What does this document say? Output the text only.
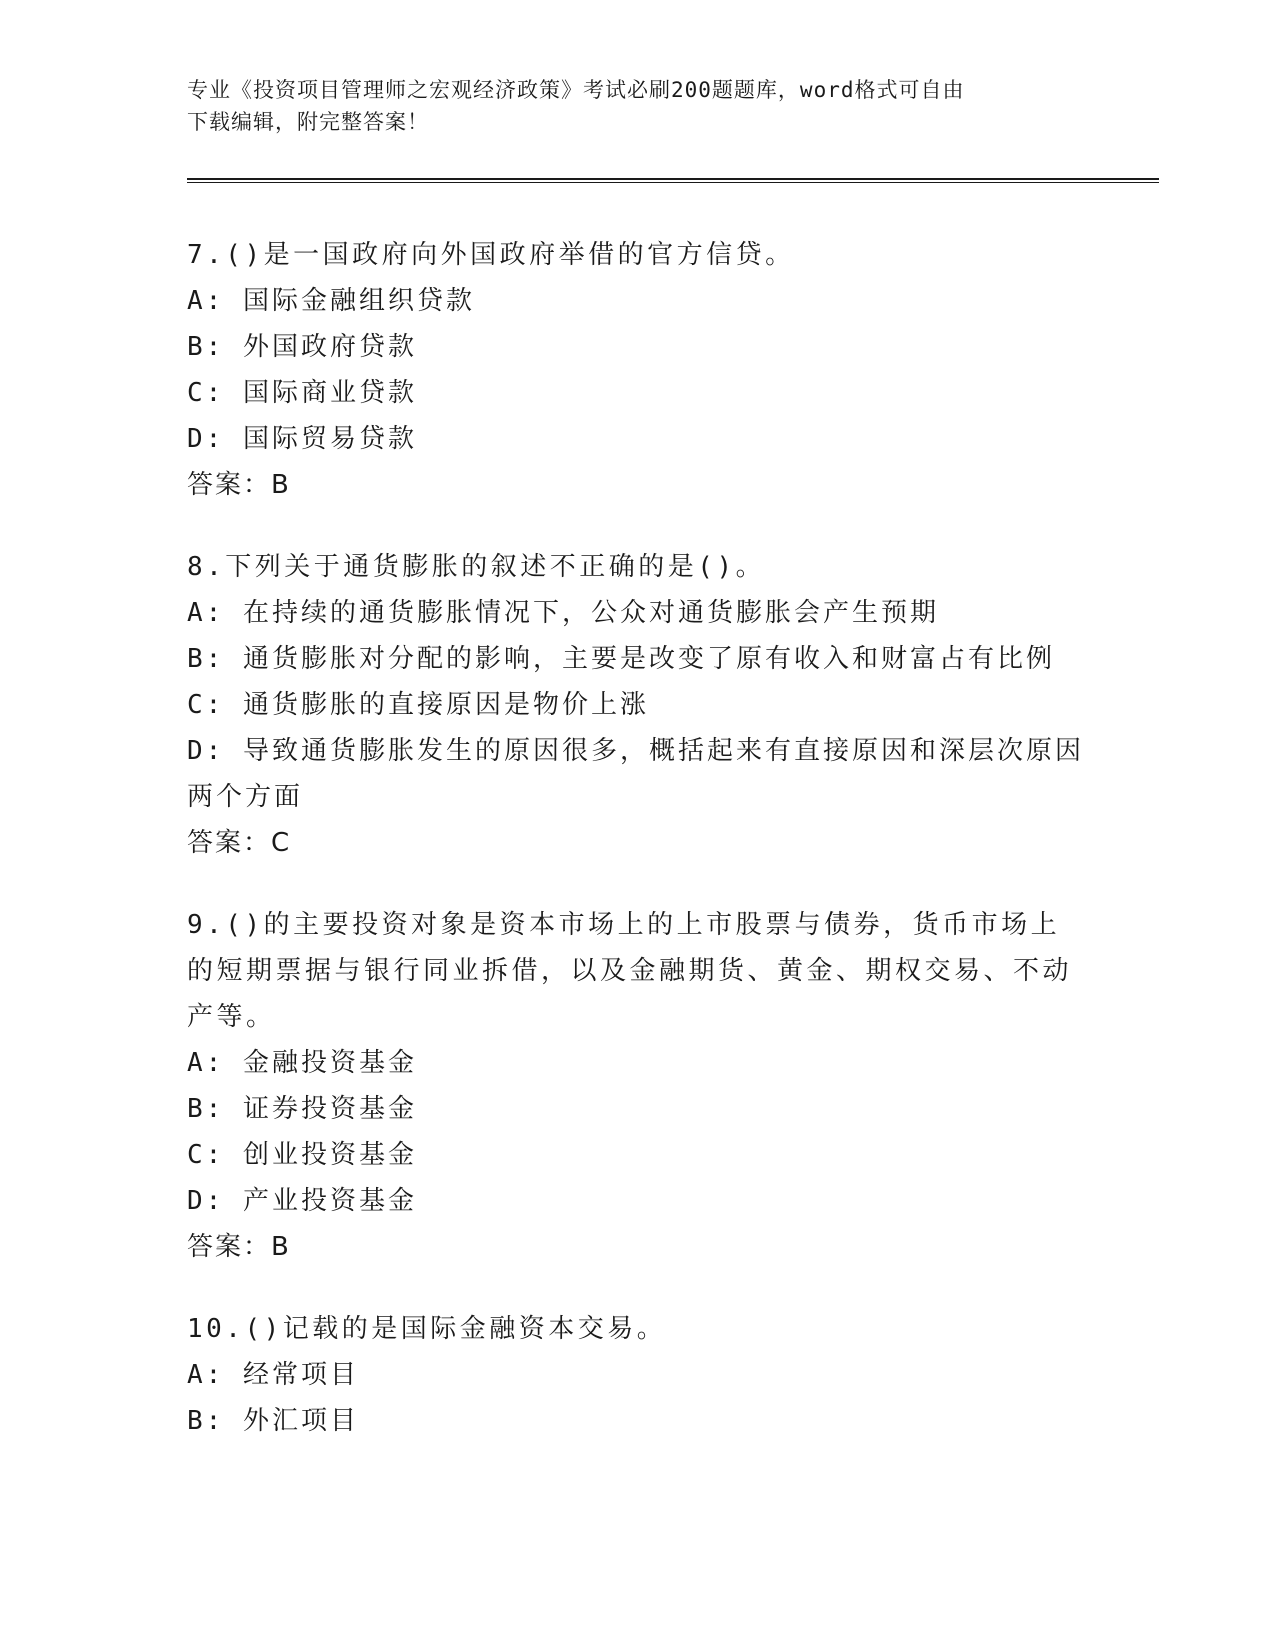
专业《投资项目管理师之宏观经济政策》考试必刷200题题库，word格式可自由
下载编辑，附完整答案！
7.()是一国政府向外国政府举借的官方信贷。
A: 国际金融组织贷款
B: 外国政府贷款
C: 国际商业贷款
D: 国际贸易贷款
答案：B
8.下列关于通货膨胀的叙述不正确的是()。
A: 在持续的通货膨胀情况下，公众对通货膨胀会产生预期
B: 通货膨胀对分配的影响，主要是改变了原有收入和财富占有比例
C: 通货膨胀的直接原因是物价上涨
D: 导致通货膨胀发生的原因很多，概括起来有直接原因和深层次原因两个方面
答案：C
9.()的主要投资对象是资本市场上的上市股票与债券，货币市场上的短期票据与银行同业拆借，以及金融期货、黄金、期权交易、不动产等。
A: 金融投资基金
B: 证券投资基金
C: 创业投资基金
D: 产业投资基金
答案：B
10.()记载的是国际金融资本交易。
A: 经常项目
B: 外汇项目
